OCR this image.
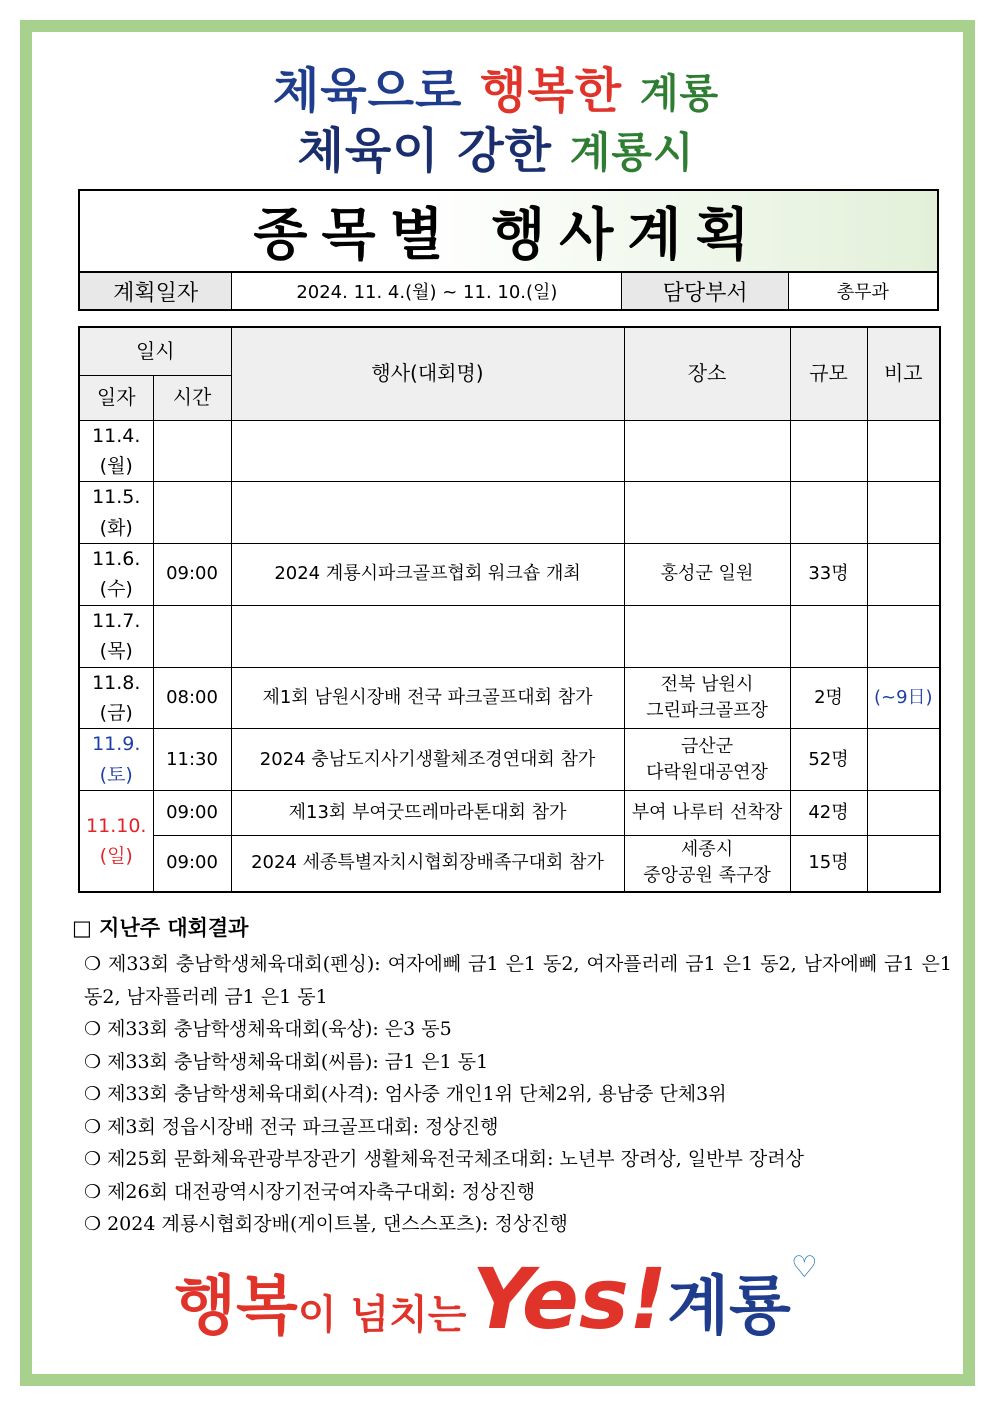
체육으로 행복한 계룡
체육이 강한 계룡시
종목별 행사계획
계획일자	2024. 11. 4.(월) ~ 11. 10.(일)	담당부서	총무과
일시		행사(대회명)	장소	규모	비고
일자	시간				
11.4.
(월)					
11.5.
(화)					
11.6.
(수)	09:00	2024 계룡시파크골프협회 워크숍 개최	홍성군 일원	33명	
11.7.
(목)					
11.8.
(금)	08:00	제1회 남원시장배 전국 파크골프대회 참가	전북 남원시
그린파크골프장	2명	(~9日)
11.9.
(토)	11:30	2024 충남도지사기생활체조경연대회 참가	금산군
다락원대공연장	52명	
11.10.
(일)	09:00	제13회 부여굿뜨레마라톤대회 참가	부여 나루터 선착장	42명	
	09:00	2024 세종특별자치시협회장배족구대회 참가	세종시
중앙공원 족구장	15명	
□ 지난주 대회결과
❍ 제33회 충남학생체육대회(펜싱): 여자에뻬 금1 은1 동2, 여자플러레 금1 은1 동2, 남자에뻬 금1 은1 동2, 남자플러레 금1 은1 동1
❍ 제33회 충남학생체육대회(육상): 은3 동5
❍ 제33회 충남학생체육대회(씨름): 금1 은1 동1
❍ 제33회 충남학생체육대회(사격): 엄사중 개인1위 단체2위, 용남중 단체3위
❍ 제3회 정읍시장배 전국 파크골프대회: 정상진행
❍ 제25회 문화체육관광부장관기 생활체육전국체조대회: 노년부 장려상, 일반부 장려상
❍ 제26회 대전광역시장기전국여자축구대회: 정상진행
❍ 2024 계룡시협회장배(게이트볼, 댄스스포츠): 정상진행
행복이 넘치는 Yes!계룡♡
